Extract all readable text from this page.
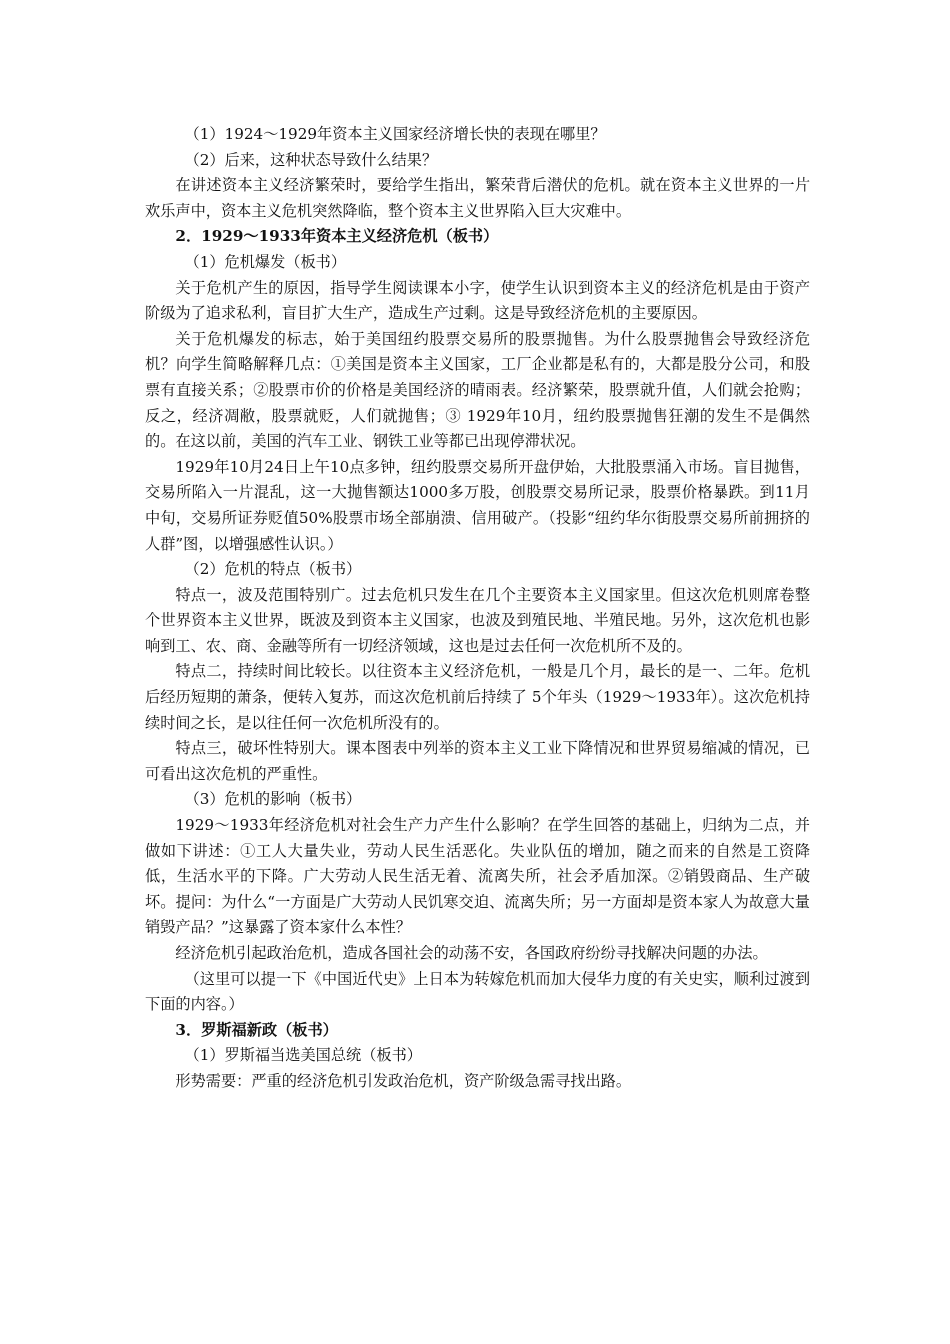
（1）1924～1929年资本主义国家经济增长快的表现在哪里？

（2）后来，这种状态导致什么结果？

在讲述资本主义经济繁荣时，要给学生指出，繁荣背后潜伏的危机。就在资本主义世界的一片欢乐声中，资本主义危机突然降临，整个资本主义世界陷入巨大灾难中。

2．1929～1933年资本主义经济危机（板书）

（1）危机爆发（板书）

关于危机产生的原因，指导学生阅读课本小字，使学生认识到资本主义的经济危机是由于资产阶级为了追求私利，盲目扩大生产，造成生产过剩。这是导致经济危机的主要原因。

关于危机爆发的标志，始于美国纽约股票交易所的股票抛售。为什么股票抛售会导致经济危机？向学生简略解释几点：①美国是资本主义国家，工厂企业都是私有的，大都是股分公司，和股票有直接关系；②股票市价的价格是美国经济的晴雨表。经济繁荣，股票就升值，人们就会抢购；反之，经济凋敝，股票就贬，人们就抛售；③ 1929年10月，纽约股票抛售狂潮的发生不是偶然的。在这以前，美国的汽车工业、钢铁工业等都已出现停滞状况。

1929年10月24日上午10点多钟，纽约股票交易所开盘伊始，大批股票涌入市场。盲目抛售，交易所陷入一片混乱，这一大抛售额达1000多万股，创股票交易所记录，股票价格暴跌。到11月中旬，交易所证券贬值50%股票市场全部崩溃、信用破产。（投影“纽约华尔街股票交易所前拥挤的人群”图，以增强感性认识。）

（2）危机的特点（板书）

特点一，波及范围特别广。过去危机只发生在几个主要资本主义国家里。但这次危机则席卷整个世界资本主义世界，既波及到资本主义国家，也波及到殖民地、半殖民地。另外，这次危机也影响到工、农、商、金融等所有一切经济领域，这也是过去任何一次危机所不及的。

特点二，持续时间比较长。以往资本主义经济危机，一般是几个月，最长的是一、二年。危机后经历短期的萧条，便转入复苏，而这次危机前后持续了 5个年头（1929～1933年）。这次危机持续时间之长，是以往任何一次危机所没有的。

特点三，破坏性特别大。课本图表中列举的资本主义工业下降情况和世界贸易缩减的情况，已可看出这次危机的严重性。

（3）危机的影响（板书）

1929～1933年经济危机对社会生产力产生什么影响？在学生回答的基础上，归纳为二点，并做如下讲述：①工人大量失业，劳动人民生活恶化。失业队伍的增加，随之而来的自然是工资降低，生活水平的下降。广大劳动人民生活无着、流离失所，社会矛盾加深。②销毁商品、生产破坏。提问：为什么“一方面是广大劳动人民饥寒交迫、流离失所；另一方面却是资本家人为故意大量销毁产品？”这暴露了资本家什么本性？

经济危机引起政治危机，造成各国社会的动荡不安，各国政府纷纷寻找解决问题的办法。

（这里可以提一下《中国近代史》上日本为转嫁危机而加大侵华力度的有关史实，顺利过渡到下面的内容。）

3．罗斯福新政（板书）

（1）罗斯福当选美国总统（板书）

形势需要：严重的经济危机引发政治危机，资产阶级急需寻找出路。
